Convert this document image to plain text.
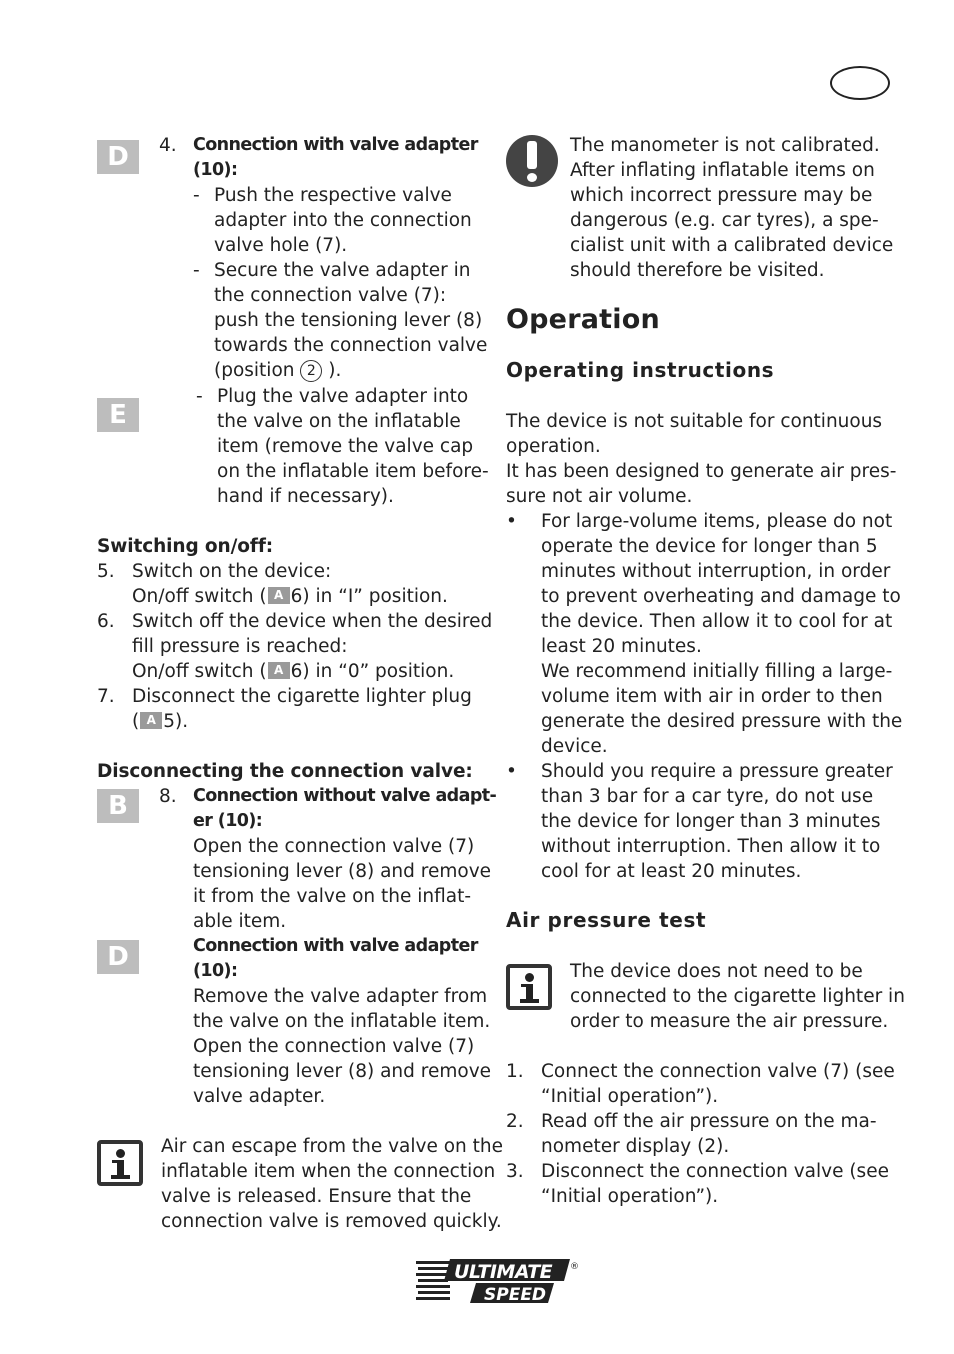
D	4. Connection with valve adapter
(10):
- Push the respective valve
adapter into the connection
valve hole (7).
- Secure the valve adapter in
the connection valve (7):
push the tensioning lever (8)
towards the connection valve
(position 2 ).
E
- Plug the valve adapter into
the valve on the inflatable
item (remove the valve cap
on the inflatable item before-
hand if necessary).
Switching on/off:
5. Switch on the device:
On/off switch ( A 6) in “I” position.
6. Switch off the device when the desired
fill pressure is reached:
On/off switch ( A 6) in “0” position.
7. Disconnect the cigarette lighter plug
( A 5).
Disconnecting the connection valve:
B	8. Connection without valve adapt-
er (10):
Open the connection valve (7)
tensioning lever (8) and remove
it from the valve on the inflat-
able item.
D	Connection with valve adapter
(10):
Remove the valve adapter from
the valve on the inflatable item.
Open the connection valve (7)
tensioning lever (8) and remove
valve adapter.
Air can escape from the valve on the
inflatable item when the connection
valve is released. Ensure that the
connection valve is removed quickly.
The manometer is not calibrated.
After inflating inflatable items on
which incorrect pressure may be
dangerous (e.g. car tyres), a spe-
cialist unit with a calibrated device
should therefore be visited.
Operation
Operating instructions
The device is not suitable for continuous
operation.
It has been designed to generate air pres-
sure not air volume.
• For large-volume items, please do not
operate the device for longer than 5
minutes without interruption, in order
to prevent overheating and damage to
the device. Then allow it to cool for at
least 20 minutes.
We recommend initially filling a large-
volume item with air in order to then
generate the desired pressure with the
device.
• Should you require a pressure greater
than 3 bar for a car tyre, do not use
the device for longer than 3 minutes
without interruption. Then allow it to
cool for at least 20 minutes.
Air pressure test
The device does not need to be
connected to the cigarette lighter in
order to measure the air pressure.
1. Connect the connection valve (7) (see
“Initial operation”).
2. Read off the air pressure on the ma-
nometer display (2).
3. Disconnect the connection valve (see
“Initial operation”).
ULTIMATE
SPEED
®
